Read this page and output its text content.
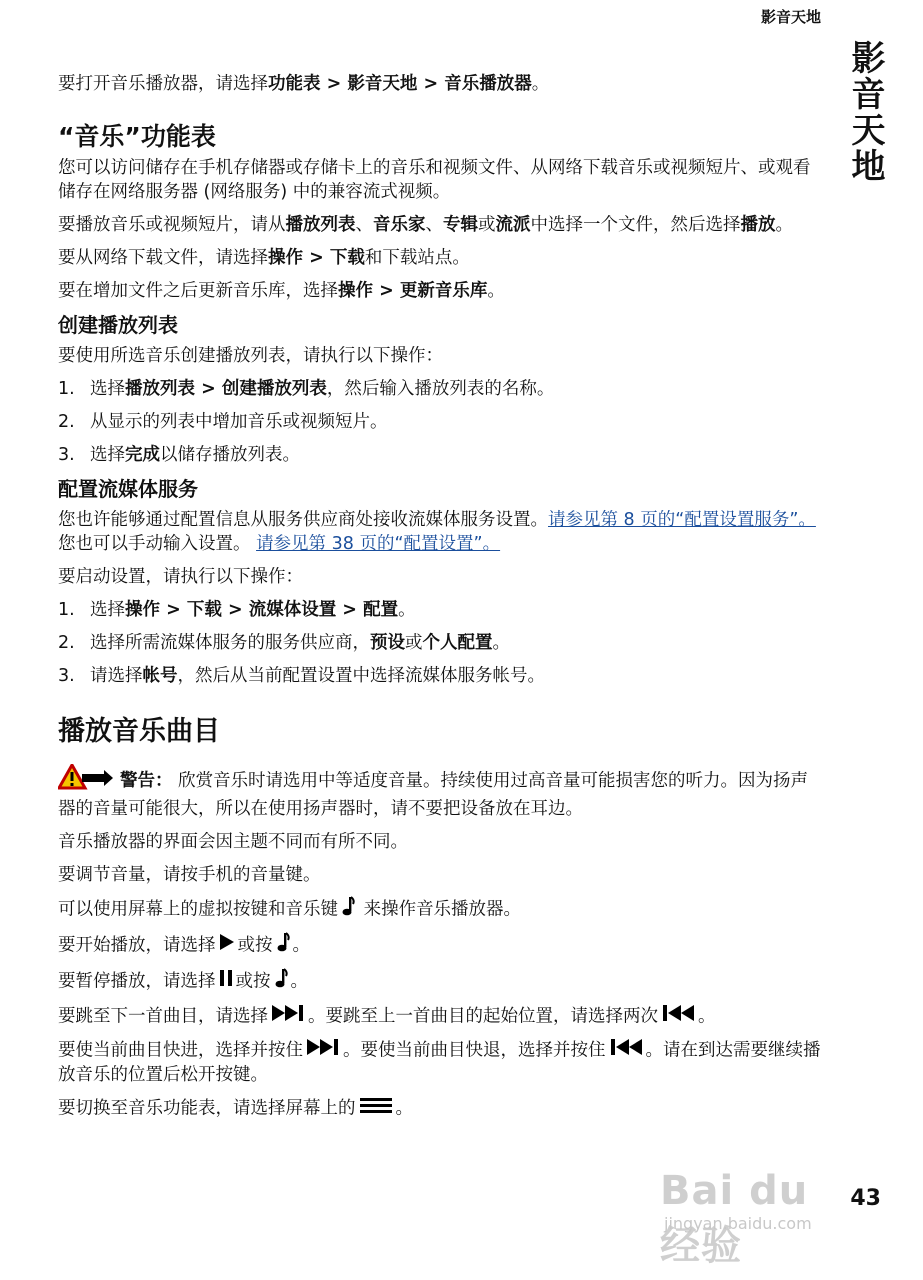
影音天地
影音天地

要打开音乐播放器，请选择功能表 > 影音天地 > 音乐播放器。

“音乐”功能表

您可以访问储存在手机存储器或存储卡上的音乐和视频文件、从网络下载音乐或视频短片、或观看储存在网络服务器 (网络服务) 中的兼容流式视频。

要播放音乐或视频短片，请从播放列表、音乐家、专辑或流派中选择一个文件，然后选择播放。

要从网络下载文件，请选择操作 > 下载和下载站点。

要在增加文件之后更新音乐库，选择操作 > 更新音乐库。

创建播放列表

要使用所选音乐创建播放列表，请执行以下操作：

1. 选择播放列表 > 创建播放列表，然后输入播放列表的名称。
2. 从显示的列表中增加音乐或视频短片。
3. 选择完成以储存播放列表。
配置流媒体服务

您也许能够通过配置信息从服务供应商处接收流媒体服务设置。请参见第 8 页的“配置设置服务”。您也可以手动输入设置。 请参见第 38 页的“配置设置”。

要启动设置，请执行以下操作：

1. 选择操作 > 下载 > 流媒体设置 > 配置。
2. 选择所需流媒体服务的服务供应商，预设或个人配置。
3. 请选择帐号，然后从当前配置设置中选择流媒体服务帐号。
播放音乐曲目

警告： 欣赏音乐时请选用中等适度音量。持续使用过高音量可能损害您的听力。因为扬声器的音量可能很大，所以在使用扬声器时，请不要把设备放在耳边。

音乐播放器的界面会因主题不同而有所不同。

要调节音量，请按手机的音量键。

可以使用屏幕上的虚拟按键和音乐键 来操作音乐播放器。

要开始播放，请选择 或按 。

要暂停播放，请选择 或按 。

要跳至下一首曲目，请选择 。要跳至上一首曲目的起始位置，请选择两次 。

要使当前曲目快进，选择并按住 。要使当前曲目快退，选择并按住 。请在到达需要继续播放音乐的位置后松开按键。

要切换至音乐功能表，请选择屏幕上的 。

Bai du 经验
jingyan.baidu.com
43
